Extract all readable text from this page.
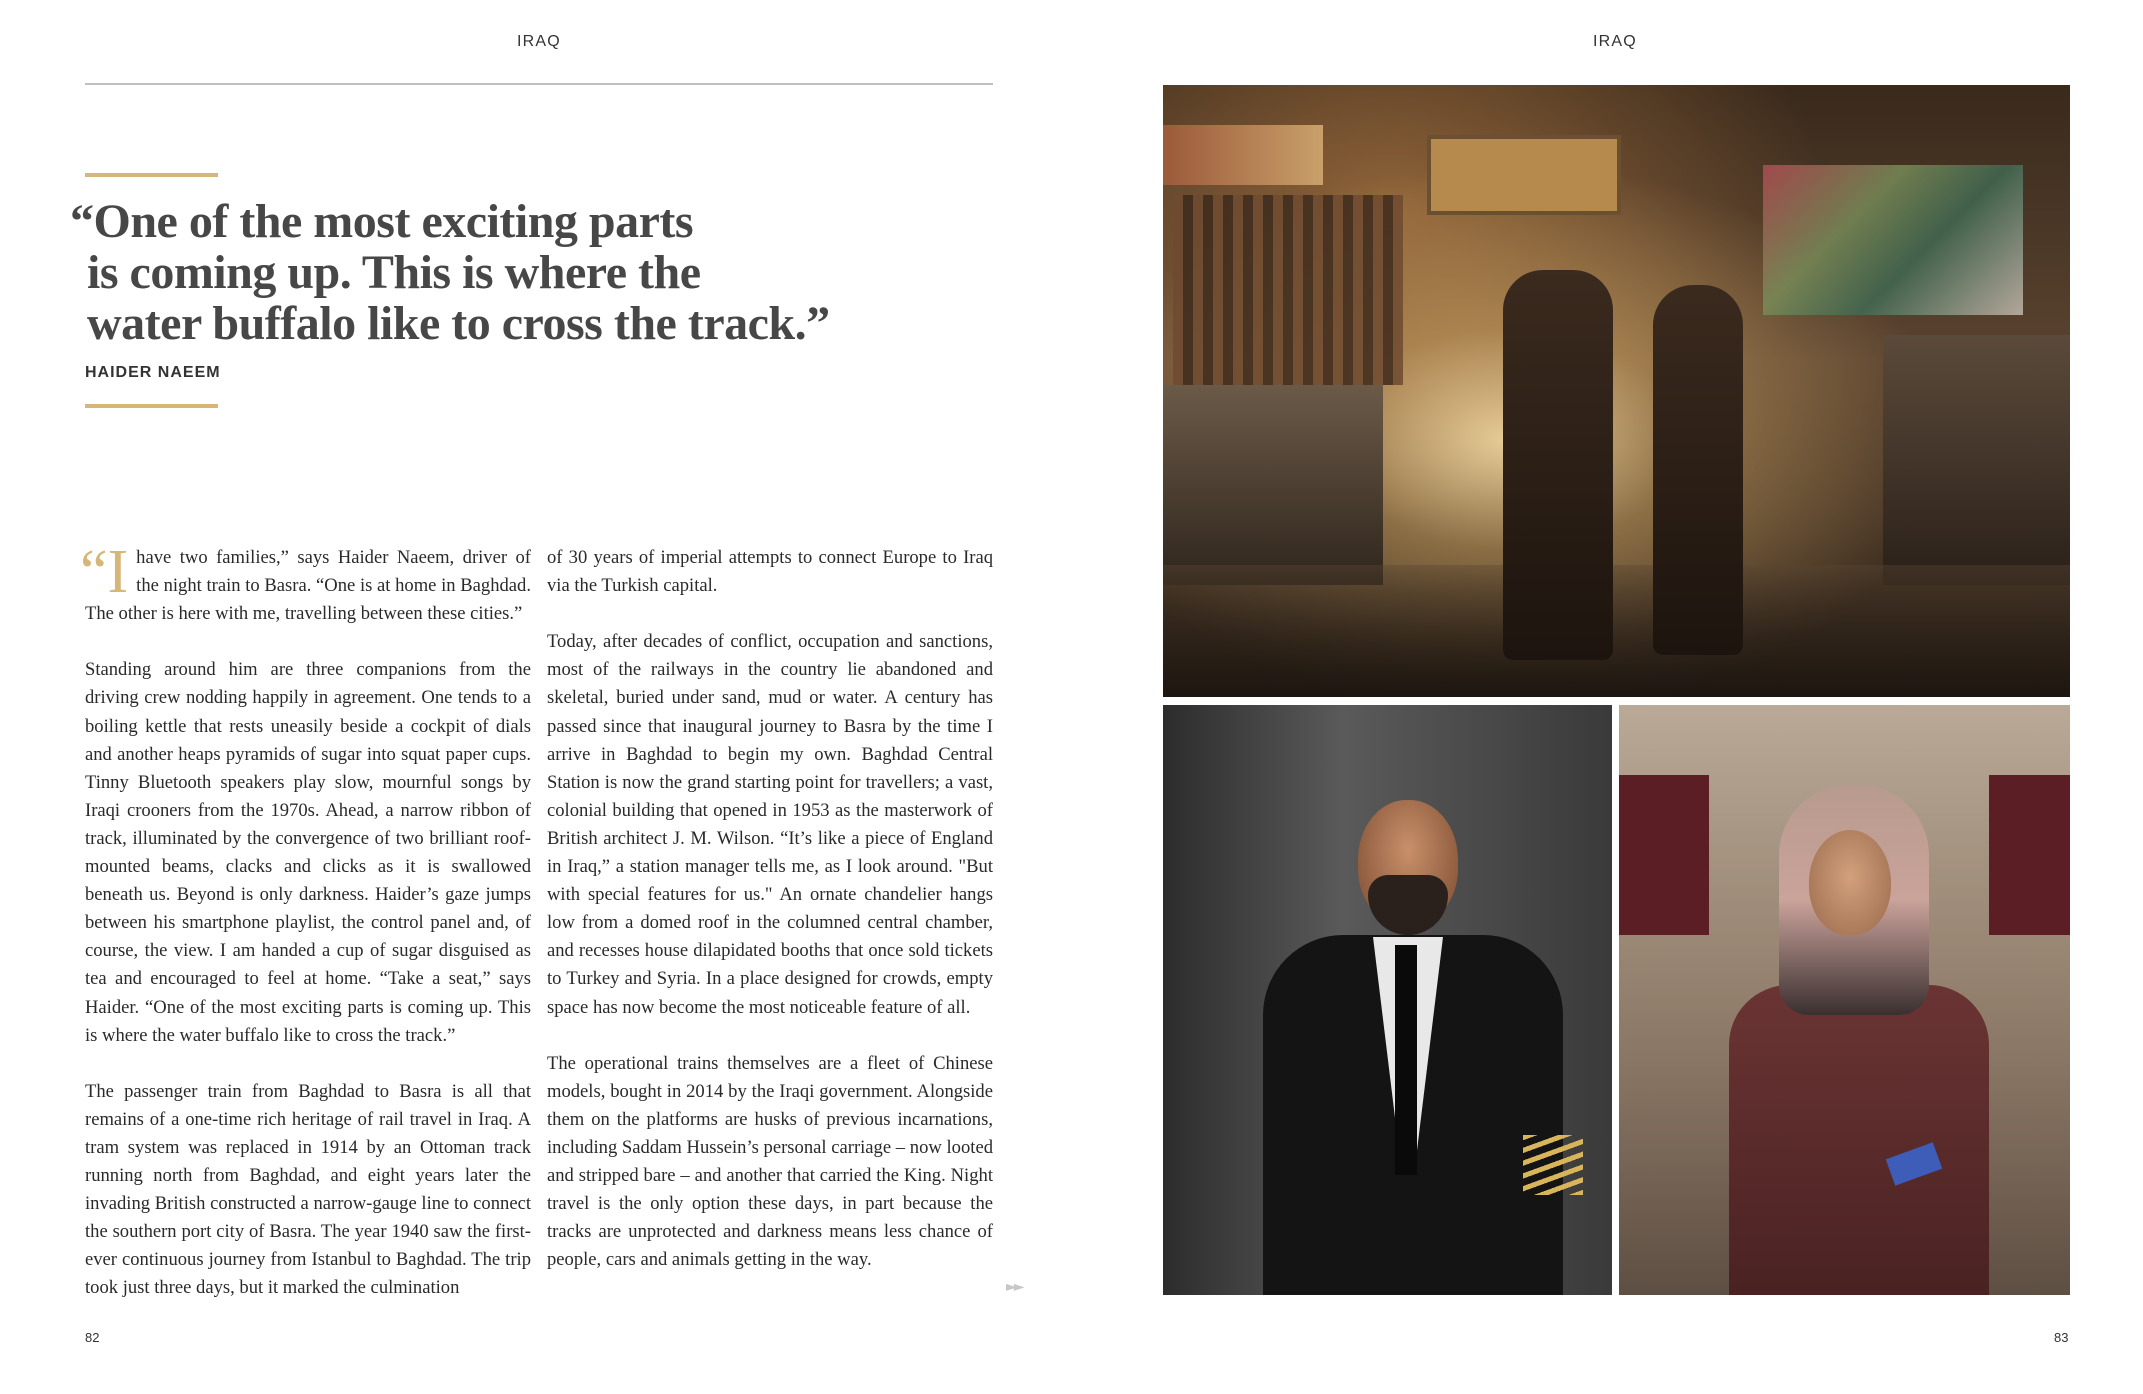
IRAQ	IRAQ
“One of the most exciting parts
is coming up. This is where the
water buffalo like to cross the track.”
HAIDER NAEEM

“Ihave two families,” says Haider Naeem, driver of the night train to Basra. “One is at home in Baghdad. The other is here with me, travelling between these cities.”

Standing around him are three companions from the driving crew nodding happily in agreement. One tends to a boiling kettle that rests uneasily beside a cockpit of dials and another heaps pyramids of sugar into squat paper cups. Tinny Bluetooth speakers play slow, mournful songs by Iraqi crooners from the 1970s. Ahead, a narrow ribbon of track, illuminated by the convergence of two brilliant roof-mounted beams, clacks and clicks as it is swallowed beneath us. Beyond is only darkness. Haider’s gaze jumps between his smartphone playlist, the control panel and, of course, the view. I am handed a cup of sugar disguised as tea and encouraged to feel at home. “Take a seat,” says Haider. “One of the most exciting parts is coming up. This is where the water buffalo like to cross the track.”

The passenger train from Baghdad to Basra is all that remains of a one-time rich heritage of rail travel in Iraq. A tram system was replaced in 1914 by an Ottoman track running north from Baghdad, and eight years later the invading British constructed a narrow-gauge line to connect the southern port city of Basra. The year 1940 saw the first-ever continuous journey from Istanbul to Baghdad. The trip took just three days, but it marked the culmination

of 30 years of imperial attempts to connect Europe to Iraq via the Turkish capital.

Today, after decades of conflict, occupation and sanctions, most of the railways in the country lie abandoned and skeletal, buried under sand, mud or water. A century has passed since that inaugural journey to Basra by the time I arrive in Baghdad to begin my own. Baghdad Central Station is now the grand starting point for travellers; a vast, colonial building that opened in 1953 as the masterwork of British architect J. M. Wilson. “It’s like a piece of England in Iraq,” a station manager tells me, as I look around. "But with special features for us." An ornate chandelier hangs low from a domed roof in the columned central chamber, and recesses house dilapidated booths that once sold tickets to Turkey and Syria. In a place designed for crowds, empty space has now become the most noticeable feature of all.

The operational trains themselves are a fleet of Chinese models, bought in 2014 by the Iraqi government. Alongside them on the platforms are husks of previous incarnations, including Saddam Hussein’s personal carriage – now looted and stripped bare – and another that carried the King. Night travel is the only option these days, in part because the tracks are unprotected and darkness means less chance of people, cars and animals getting in the way.

►►
82	83
